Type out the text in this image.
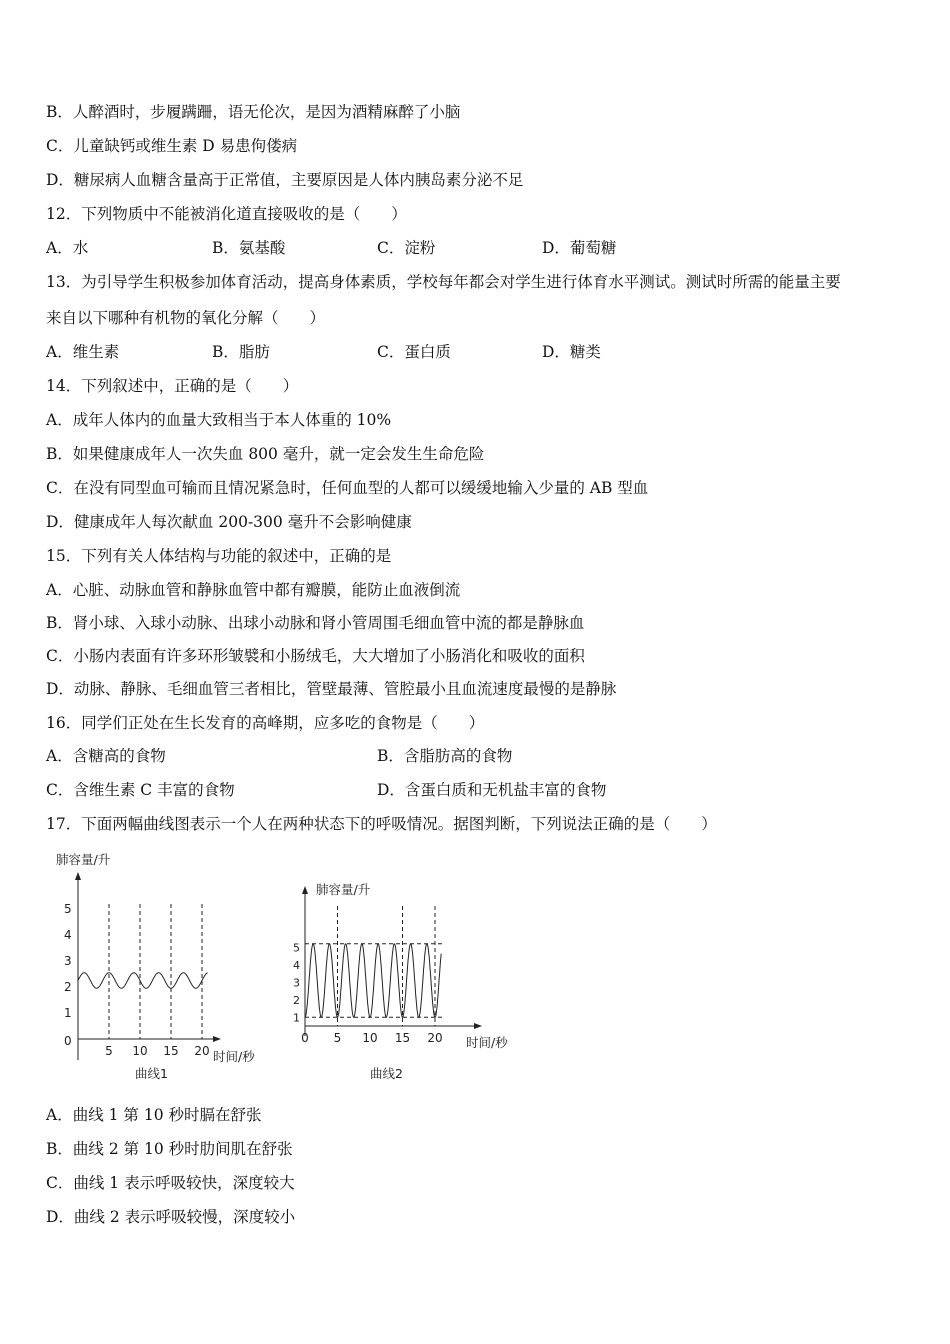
B．人醉酒时，步履蹒跚，语无伦次，是因为酒精麻醉了小脑
C．儿童缺钙或维生素 D 易患佝偻病
D．糖尿病人血糖含量高于正常值，主要原因是人体内胰岛素分泌不足
12．下列物质中不能被消化道直接吸收的是（　　）
A．水	B．氨基酸	C．淀粉	D．葡萄糖
13．为引导学生积极参加体育活动，提高身体素质，学校每年都会对学生进行体育水平测试。测试时所需的能量主要
来自以下哪种有机物的氧化分解（　　）
A．维生素	B．脂肪	C．蛋白质	D．糖类
14．下列叙述中，正确的是（　　）
A．成年人体内的血量大致相当于本人体重的 10%
B．如果健康成年人一次失血 800 毫升，就一定会发生生命危险
C．在没有同型血可输而且情况紧急时，任何血型的人都可以缓缓地输入少量的 AB 型血
D．健康成年人每次献血 200-300 毫升不会影响健康
15．下列有关人体结构与功能的叙述中，正确的是
A．心脏、动脉血管和静脉血管中都有瓣膜，能防止血液倒流
B．肾小球、入球小动脉、出球小动脉和肾小管周围毛细血管中流的都是静脉血
C．小肠内表面有许多环形皱襞和小肠绒毛，大大增加了小肠消化和吸收的面积
D．动脉、静脉、毛细血管三者相比，管壁最薄、管腔最小且血流速度最慢的是静脉
16．同学们正处在生长发育的高峰期，应多吃的食物是（　　）
A．含糖高的食物	B．含脂肪高的食物
C．含维生素 C 丰富的食物	D．含蛋白质和无机盐丰富的食物
17．下面两幅曲线图表示一个人在两种状态下的呼吸情况。据图判断，下列说法正确的是（　　）
肺容量/升
0
1
2
3
4
5
5 10 15 20 时间/秒
曲线1
肺容量/升
1
2
3
4
5
0 5 10 15 20 时间/秒
曲线2
A．曲线 1 第 10 秒时膈在舒张
B．曲线 2 第 10 秒时肋间肌在舒张
C．曲线 1 表示呼吸较快，深度较大
D．曲线 2 表示呼吸较慢，深度较小
